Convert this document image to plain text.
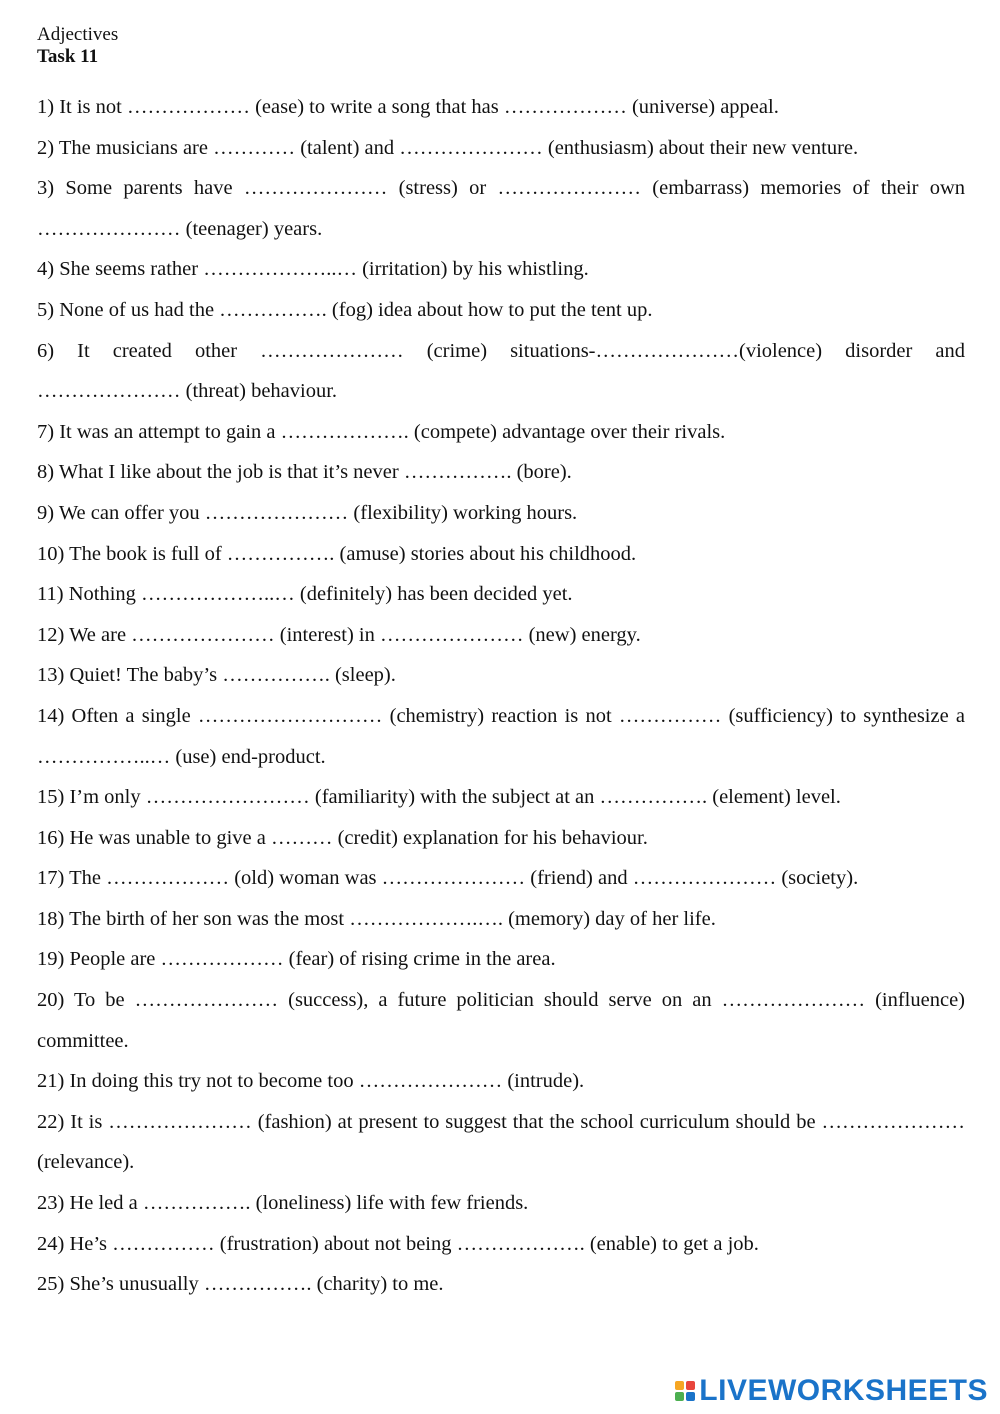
Adjectives
Task 11
1) It is not ……………… (ease) to write a song that has ……………… (universe) appeal.
2) The musicians are ………… (talent) and ………………… (enthusiasm) about their new venture.
3) Some parents have ………………… (stress) or ………………… (embarrass) memories of their own ………………… (teenager) years.
4) She seems rather ………………..… (irritation) by his whistling.
5) None of us had the ……………. (fog) idea about how to put the tent up.
6) It created other ………………… (crime) situations-…………………(violence) disorder and ………………… (threat) behaviour.
7) It was an attempt to gain a ………………. (compete) advantage over their rivals.
8) What I like about the job is that it’s never ……………. (bore).
9) We can offer you ………………… (flexibility) working hours.
10) The book is full of ……………. (amuse) stories about his childhood.
11) Nothing ………………..… (definitely) has been decided yet.
12) We are ………………… (interest) in ………………… (new) energy.
13) Quiet! The baby’s ……………. (sleep).
14) Often a single ……………………… (chemistry) reaction is not …………… (sufficiency) to synthesize a ……………..… (use) end-product.
15) I’m only …………………… (familiarity) with the subject at an ……………. (element) level.
16) He was unable to give a ……… (credit) explanation for his behaviour.
17) The ……………… (old) woman was ………………… (friend) and ………………… (society).
18) The birth of her son was the most ……………….…. (memory) day of her life.
19) People are ……………… (fear) of rising crime in the area.
20) To be ………………… (success), a future politician should serve on an ………………… (influence) committee.
21) In doing this try not to become too ………………… (intrude).
22) It is ………………… (fashion) at present to suggest that the school curriculum should be ………………… (relevance).
23) He led a ……………. (loneliness) life with few friends.
24) He’s …………… (frustration) about not being ………………. (enable) to get a job.
25) She’s unusually ……………. (charity) to me.
LIVEWORKSHEETS
